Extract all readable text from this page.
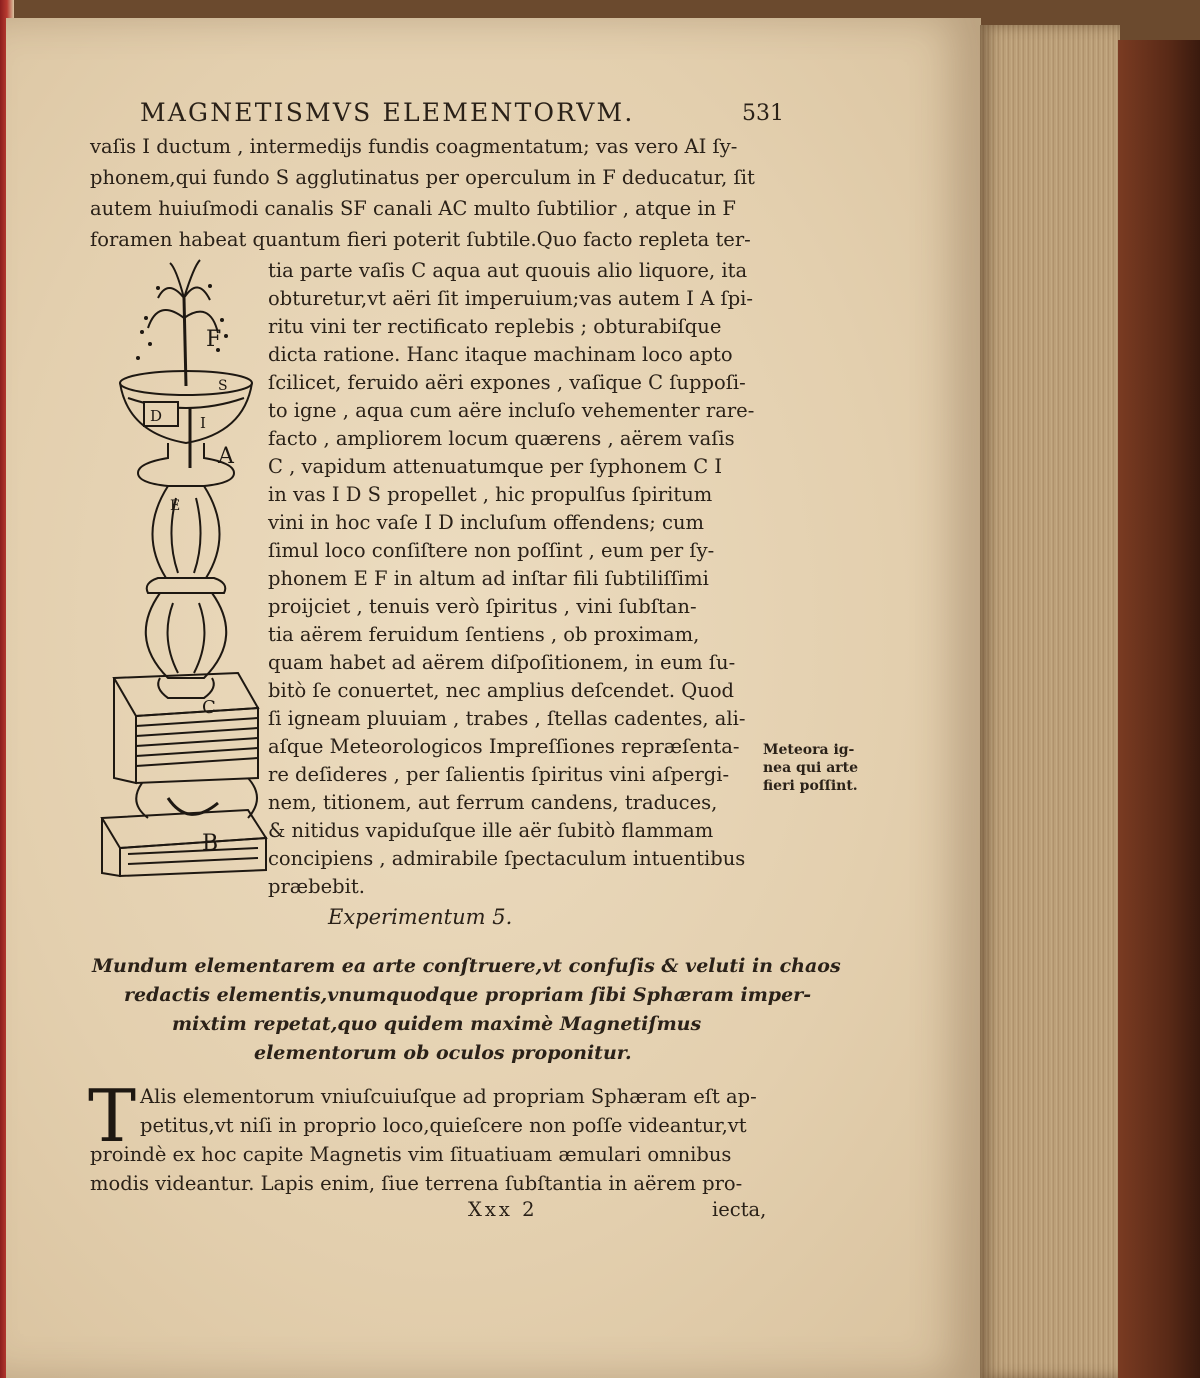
MAGNETISMVS ELEMENTORVM.	531
vaſis I ductum , intermedijs fundis coagmentatum; vas vero AI ſy-
phonem,qui fundo S agglutinatus per operculum in F deducatur, ſit
autem huiuſmodi canalis SF canali AC multo ſubtilior , atque in F
foramen habeat quantum fieri poterit ſubtile.Quo facto repleta ter-
tia parte vaſis C aqua aut quouis alio liquore, ita
obturetur,vt aëri ſit imperuium;vas autem I A ſpi-
ritu vini ter rectificato replebis ; obturabiſque
dicta ratione. Hanc itaque machinam loco apto
ſcilicet, feruido aëri expones , vaſique C ſuppoſi-
to igne , aqua cum aëre incluſo vehementer rare-
facto , ampliorem locum quærens , aërem vaſis
C , vapidum attenuatumque per ſyphonem C I
in vas I D S propellet , hic propulſus ſpiritum
vini in hoc vaſe I D incluſum offendens; cum
ſimul loco conſiſtere non poſſint , eum per ſy-
phonem E F in altum ad inſtar fili ſubtiliſſimi
proijciet , tenuis verò ſpiritus , vini ſubſtan-
tia aërem feruidum ſentiens , ob proximam,
quam habet ad aërem diſpoſitionem, in eum ſu-
bitò ſe conuertet, nec amplius deſcendet. Quod
ſi igneam pluuiam , trabes , ſtellas cadentes, ali-
aſque Meteorologicos Impreſſiones repræſenta-
re deſideres , per ſalientis ſpiritus vini aſpergi-
nem, titionem, aut ferrum candens, traduces,
& nitidus vapiduſque ille aër ſubitò flammam
concipiens , admirabile ſpectaculum intuentibus
præbebit.
Meteora ig-
nea qui arte
fieri poſſint.
Experimentum 5.
Mundum elementarem ea arte conſtruere,vt confuſis & veluti in chaos
redactis elementis,vnumquodque propriam ſibi Sphæram imper-
mixtim repetat,quo quidem maximè Magnetiſmus
elementorum ob oculos proponitur.
T Alis elementorum vniuſcuiuſque ad propriam Sphæram eſt ap-
petitus,vt niſi in proprio loco,quieſcere non poſſe videantur,vt
proindè ex hoc capite Magnetis vim ſituatiuam æmulari omnibus
modis videantur. Lapis enim, ſiue terrena ſubſtantia in aërem pro-
Xxx 2	iecta,
F
S
D	I
A
E
C
B
